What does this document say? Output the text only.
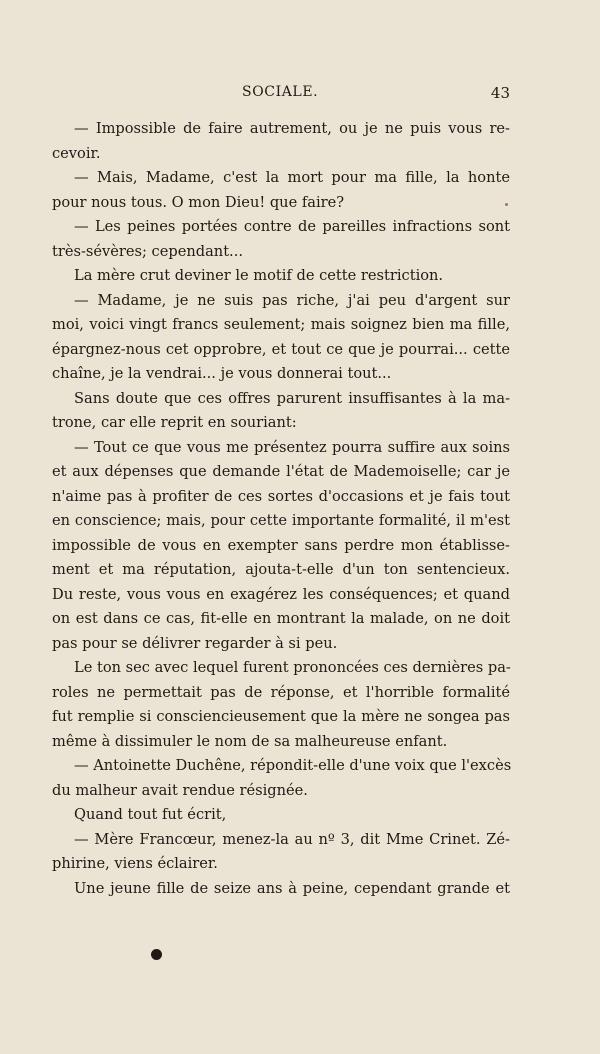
SOCIALE.	43
— Impossible de faire autrement, ou je ne puis vous re-
cevoir.
— Mais, Madame, c'est la mort pour ma fille, la honte
pour nous tous. O mon Dieu! que faire?
— Les peines portées contre de pareilles infractions sont
très-sévères; cependant...
La mère crut deviner le motif de cette restriction.
— Madame, je ne suis pas riche, j'ai peu d'argent sur
moi, voici vingt francs seulement; mais soignez bien ma fille,
épargnez-nous cet opprobre, et tout ce que je pourrai... cette
chaîne, je la vendrai... je vous donnerai tout...
Sans doute que ces offres parurent insuffisantes à la ma-
trone, car elle reprit en souriant:
— Tout ce que vous me présentez pourra suffire aux soins
et aux dépenses que demande l'état de Mademoiselle; car je
n'aime pas à profiter de ces sortes d'occasions et je fais tout
en conscience; mais, pour cette importante formalité, il m'est
impossible de vous en exempter sans perdre mon établisse-
ment et ma réputation, ajouta-t-elle d'un ton sentencieux.
Du reste, vous vous en exagérez les conséquences; et quand
on est dans ce cas, fit-elle en montrant la malade, on ne doit
pas pour se délivrer regarder à si peu.
Le ton sec avec lequel furent prononcées ces dernières pa-
roles ne permettait pas de réponse, et l'horrible formalité
fut remplie si consciencieusement que la mère ne songea pas
même à dissimuler le nom de sa malheureuse enfant.
— Antoinette Duchêne, répondit-elle d'une voix que l'excès
du malheur avait rendue résignée.
Quand tout fut écrit,
— Mère Francœur, menez-la au nº 3, dit Mme Crinet. Zé-
phirine, viens éclairer.
Une jeune fille de seize ans à peine, cependant grande et
